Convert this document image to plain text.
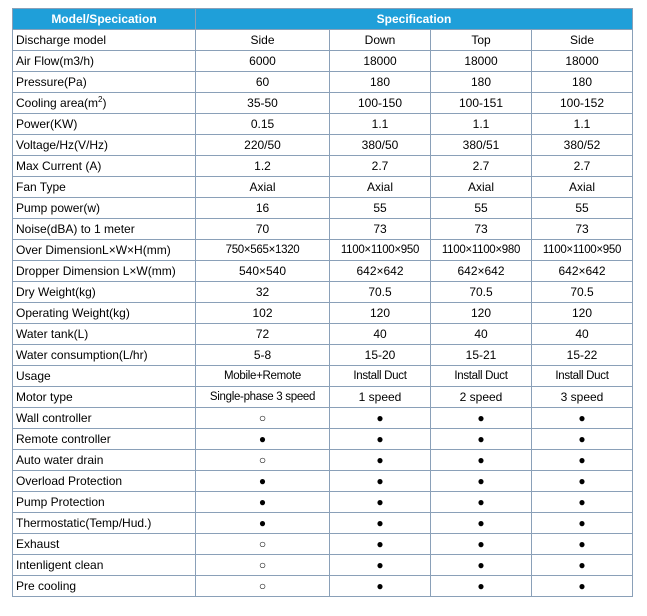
Model/Specication	Specification			
Discharge model	Side	Down	Top	Side
Air Flow(m3/h)	6000	18000	18000	18000
Pressure(Pa)	60	180	180	180
Cooling $area(m^2)$	35-50	100-150	100-151	100-152
Power(KW)	0.15	1.1	1.1	1.1
Voltage/Hz(V/Hz)	220/50	380/50	380/51	380/52
Max Current (A)	1.2	2.7	2.7	2.7
Fan Type	Axial	Axial	Axial	Axial
Pump power(w)	16	55	55	55
Noise(dBA) to 1 meter	70	73	73	73
Over DimensionL×W×H(mm)	750×565×1320	1100×1100×950	1100×1100×980	1100×1100×950
Dropper Dimension L×W(mm)	540×540	642×642	642×642	642×642
Dry Weight(kg)	32	70.5	70.5	70.5
Operating Weight(kg)	102	120	120	120
Water tank(L)	72	40	40	40
Water consumption(L/hr)	5-8	15-20	15-21	15-22
Usage	Mobile+Remote	Install Duct	Install Duct	Install Duct
Motor type	Single-phase 3 speed	1 speed	2 speed	3 speed
Wall controller	○	●	●	●
Remote controller	●	●	●	●
Auto water drain	○	●	●	●
Overload Protection	●	●	●	●
Pump Protection	●	●	●	●
Thermostatic(Temp/Hud.)	●	●	●	●
Exhaust	○	●	●	●
Intenligent clean	○	●	●	●
Pre cooling	○	●	●	●
